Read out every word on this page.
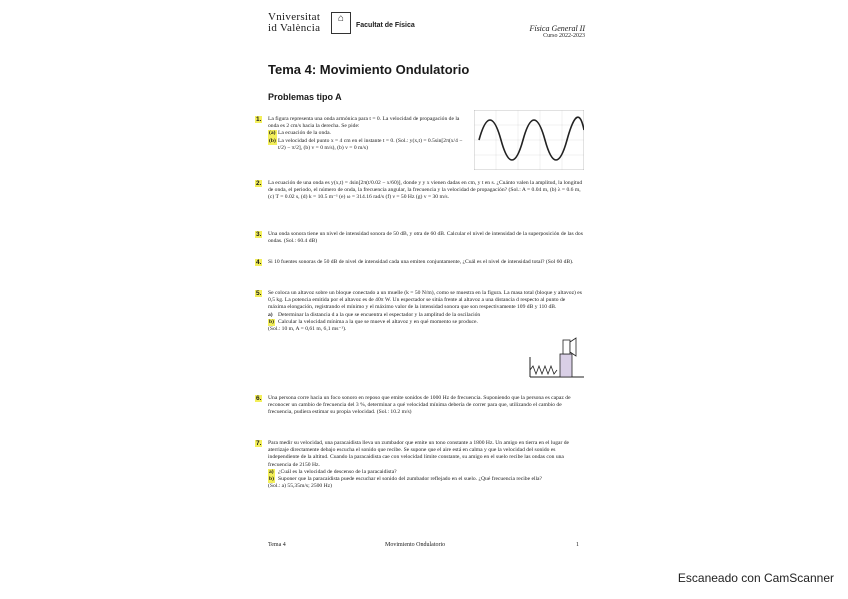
Vniversitat
id València
⌂
Facultat de Física	Física General II
Curso 2022-2023
Tema 4: Movimiento Ondulatorio
Problemas tipo A
1. La figura representa una onda armónica para t = 0. La velocidad de propagación de la onda es 2 cm/s hacia la derecha. Se pide:
(a) La ecuación de la onda.
(b) La velocidad del punto x = 4 cm en el instante t = 0. (Sol.: y(x,t) = 0.5sin[2π(x/4 − t/2) − π/2], (b) v = 0 m/s), (b) v = 0 m/s)
2. La ecuación de una onda es y(x,t) = 4sin[2π(t/0.02 − x/60)], donde y y x vienen dadas en cm, y t en s. ¿Cuánto valen la amplitud, la longitud de onda, el periodo, el número de onda, la frecuencia angular, la frecuencia y la velocidad de propagación? (Sol.: A = 0.04 m, (b) λ = 0.6 m, (c) T = 0.02 s, (d) k = 10.5 m⁻¹ (e) ω = 314.16 rad/s (f) ν = 50 Hz (g) v = 30 m/s.
3. Una onda sonora tiene un nivel de intensidad sonora de 50 dB, y otra de 60 dB. Calcular el nivel de intensidad de la superposición de las dos ondas. (Sol.: 60.4 dB)
4. Si 10 fuentes sonoras de 50 dB de nivel de intensidad cada una emiten conjuntamente, ¿Cuál es el nivel de intensidad total? (Sol 60 dB).
5. Se coloca un altavoz sobre un bloque conectado a un muelle (k = 50 N/m), como se muestra en la figura. La masa total (bloque y altavoz) es 0,5 kg. La potencia emitida por el altavoz es de 40π W. Un espectador se sitúa frente al altavoz a una distancia d respecto al punto de máxima elongación, registrando el mínimo y el máximo valor de la intensidad sonora que son respectivamente 109 dB y 110 dB.
a) Determinar la distancia d a la que se encuentra el espectador y la amplitud de la oscilación
b) Calcular la velocidad mínima a la que se mueve el altavoz y en qué momento se produce.
(Sol.: 10 m, A = 0,61 m, 6,1 ms⁻¹).
6. Una persona corre hacia un foco sonoro en reposo que emite sonidos de 1000 Hz de frecuencia. Suponiendo que la persona es capaz de reconocer un cambio de frecuencia del 3 %, determinar a qué velocidad mínima debería de correr para que, utilizando el cambio de frecuencia, pudiera estimar su propia velocidad. (Sol.: 10.2 m/s)
7. Para medir su velocidad, una paracaidista lleva un zumbador que emite un tono constante a 1800 Hz. Un amigo en tierra en el lugar de aterrizaje directamente debajo escucha el sonido que recibe. Se supone que el aire está en calma y que la velocidad del sonido es independiente de la altitud. Cuando la paracaidista cae con velocidad límite constante, su amigo en el suelo recibe las ondas con una frecuencia de 2150 Hz.
a) ¿Cuál es la velocidad de descenso de la paracaidista?
b) Suponer que la paracaidista puede escuchar el sonido del zumbador reflejado en el suelo. ¿Qué frecuencia recibe ella?
(Sol.: a) 55,35m/s; 2500 Hz)
Tema 4	Movimiento Ondulatorio	1
Escaneado con CamScanner
